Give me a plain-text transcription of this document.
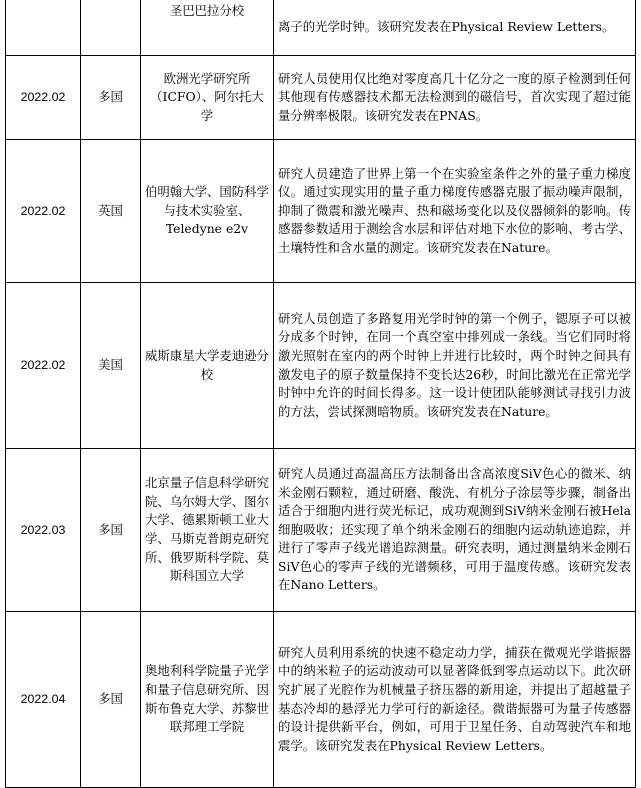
		圣巴巴拉分校	离子的光学时钟。该研究发表在Physical Review Letters。
2022.02	多国	欧洲光学研究所（ICFO）、阿尔托大学	研究人员使用仅比绝对零度高几十亿分之一度的原子检测到任何其他现有传感器技术都无法检测到的磁信号，首次实现了超过能量分辨率极限。该研究发表在PNAS。
2022.02	英国	伯明翰大学、国防科学与技术实验室、Teledyne e2v	研究人员建造了世界上第一个在实验室条件之外的量子重力梯度仪。通过实现实用的量子重力梯度传感器克服了振动噪声限制，抑制了微震和激光噪声、热和磁场变化以及仪器倾斜的影响。传感器参数适用于测绘含水层和评估对地下水位的影响、考古学、土壤特性和含水量的测定。该研究发表在Nature。
2022.02	美国	威斯康星大学麦迪逊分校	研究人员创造了多路复用光学时钟的第一个例子，锶原子可以被分成多个时钟，在同一个真空室中排列成一条线。当它们同时将激光照射在室内的两个时钟上并进行比较时，两个时钟之间具有激发电子的原子数量保持不变长达26秒，时间比激光在正常光学时钟中允许的时间长得多。这一设计使团队能够测试寻找引力波的方法，尝试探测暗物质。该研究发表在Nature。
2022.03	多国	北京量子信息科学研究院、乌尔姆大学、图尔大学、德累斯顿工业大学、马斯克普朗克研究所、俄罗斯科学院、莫斯科国立大学	研究人员通过高温高压方法制备出含高浓度SiV色心的微米、纳米金刚石颗粒，通过研磨、酸洗、有机分子涂层等步骤，制备出适合于细胞内进行荧光标记，成功观测到SiV纳米金刚石被Hela细胞吸收；还实现了单个纳米金刚石的细胞内运动轨迹追踪，并进行了零声子线光谱追踪测量。研究表明，通过测量纳米金刚石SiV色心的零声子线的光谱频移，可用于温度传感。该研究发表在Nano Letters。
2022.04	多国	奥地利科学院量子光学和量子信息研究所、因斯布鲁克大学、苏黎世联邦理工学院	研究人员利用系统的快速不稳定动力学，捕获在微观光学谐振器中的纳米粒子的运动波动可以显著降低到零点运动以下。此次研究扩展了光腔作为机械量子挤压器的新用途，并提出了超越量子基态冷却的悬浮光力学可行的新途径。微谐振器可为量子传感器的设计提供新平台，例如，可用于卫星任务、自动驾驶汽车和地震学。该研究发表在Physical Review Letters。
